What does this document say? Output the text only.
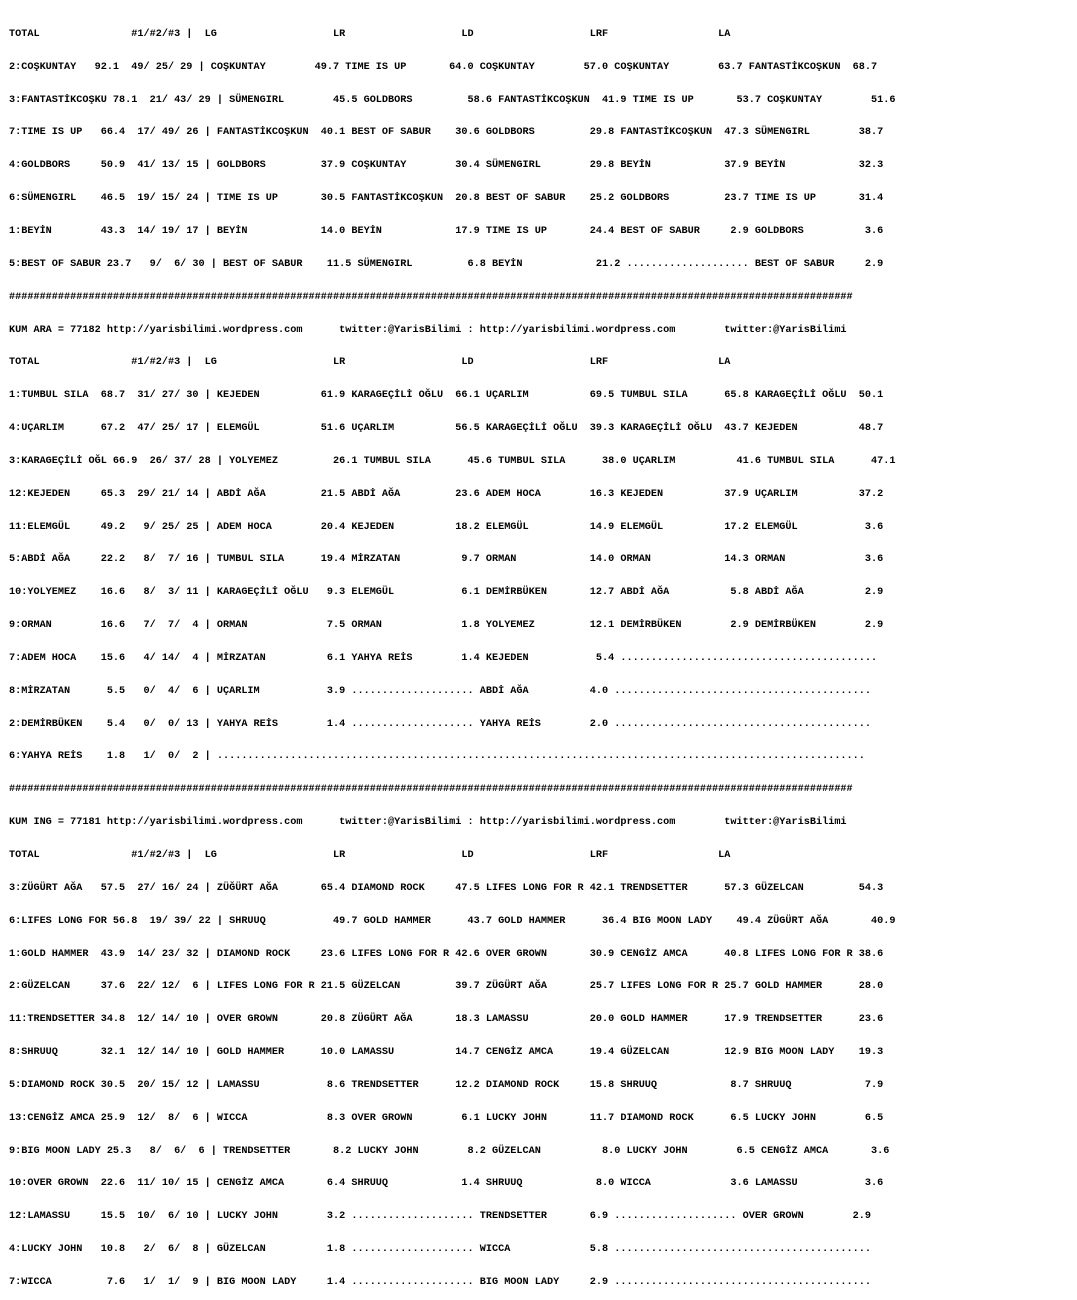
TOTAL               #1/#2/#3 |  LG                   LR                   LD                   LRF                  LA

2:COŞKUNTAY   92.1  49/ 25/ 29 | COŞKUNTAY        49.7 TIME IS UP       64.0 COŞKUNTAY        57.0 COŞKUNTAY        63.7 FANTASTİKCOŞKUN  68.7

3:FANTASTİKCOŞKU 78.1  21/ 43/ 29 | SÜMENGIRL        45.5 GOLDBORS         58.6 FANTASTİKCOŞKUN  41.9 TIME IS UP       53.7 COŞKUNTAY        51.6

7:TIME IS UP   66.4  17/ 49/ 26 | FANTASTİKCOŞKUN  40.1 BEST OF SABUR    30.6 GOLDBORS         29.8 FANTASTİKCOŞKUN  47.3 SÜMENGIRL        38.7

4:GOLDBORS     50.9  41/ 13/ 15 | GOLDBORS         37.9 COŞKUNTAY        30.4 SÜMENGIRL        29.8 BEYİN            37.9 BEYİN            32.3

6:SÜMENGIRL    46.5  19/ 15/ 24 | TIME IS UP       30.5 FANTASTİKCOŞKUN  20.8 BEST OF SABUR    25.2 GOLDBORS         23.7 TIME IS UP       31.4

1:BEYİN        43.3  14/ 19/ 17 | BEYİN            14.0 BEYİN            17.9 TIME IS UP       24.4 BEST OF SABUR     2.9 GOLDBORS          3.6

5:BEST OF SABUR 23.7   9/  6/ 30 | BEST OF SABUR    11.5 SÜMENGIRL         6.8 BEYİN            21.2 .................... BEST OF SABUR     2.9

##########################################################################################################################################

KUM ARA = 77182 http://yarisbilimi.wordpress.com      twitter:@YarisBilimi : http://yarisbilimi.wordpress.com        twitter:@YarisBilimi

TOTAL               #1/#2/#3 |  LG                   LR                   LD                   LRF                  LA

1:TUMBUL SILA  68.7  31/ 27/ 30 | KEJEDEN          61.9 KARAGEÇİLİ OĞLU  66.1 UÇARLIM          69.5 TUMBUL SILA      65.8 KARAGEÇİLİ OĞLU  50.1

4:UÇARLIM      67.2  47/ 25/ 17 | ELEMGÜL          51.6 UÇARLIM          56.5 KARAGEÇİLİ OĞLU  39.3 KARAGEÇİLİ OĞLU  43.7 KEJEDEN          48.7

3:KARAGEÇİLİ OĞL 66.9  26/ 37/ 28 | YOLYEMEZ         26.1 TUMBUL SILA      45.6 TUMBUL SILA      38.0 UÇARLIM          41.6 TUMBUL SILA      47.1

12:KEJEDEN     65.3  29/ 21/ 14 | ABDİ AĞA         21.5 ABDİ AĞA         23.6 ADEM HOCA        16.3 KEJEDEN          37.9 UÇARLIM          37.2

11:ELEMGÜL     49.2   9/ 25/ 25 | ADEM HOCA        20.4 KEJEDEN          18.2 ELEMGÜL          14.9 ELEMGÜL          17.2 ELEMGÜL           3.6

5:ABDİ AĞA     22.2   8/  7/ 16 | TUMBUL SILA      19.4 MİRZATAN          9.7 ORMAN            14.0 ORMAN            14.3 ORMAN             3.6

10:YOLYEMEZ    16.6   8/  3/ 11 | KARAGEÇİLİ OĞLU   9.3 ELEMGÜL           6.1 DEMİRBÜKEN       12.7 ABDİ AĞA          5.8 ABDİ AĞA          2.9

9:ORMAN        16.6   7/  7/  4 | ORMAN             7.5 ORMAN             1.8 YOLYEMEZ         12.1 DEMİRBÜKEN        2.9 DEMİRBÜKEN        2.9

7:ADEM HOCA    15.6   4/ 14/  4 | MİRZATAN          6.1 YAHYA REİS        1.4 KEJEDEN           5.4 ..........................................

8:MİRZATAN      5.5   0/  4/  6 | UÇARLIM           3.9 .................... ABDİ AĞA          4.0 ..........................................

2:DEMİRBÜKEN    5.4   0/  0/ 13 | YAHYA REİS        1.4 .................... YAHYA REİS        2.0 ..........................................

6:YAHYA REİS    1.8   1/  0/  2 | ..........................................................................................................

##########################################################################################################################################

KUM ING = 77181 http://yarisbilimi.wordpress.com      twitter:@YarisBilimi : http://yarisbilimi.wordpress.com        twitter:@YarisBilimi

TOTAL               #1/#2/#3 |  LG                   LR                   LD                   LRF                  LA

3:ZÜGÜRT AĞA   57.5  27/ 16/ 24 | ZÜĞÜRT AĞA       65.4 DIAMOND ROCK     47.5 LIFES LONG FOR R 42.1 TRENDSETTER      57.3 GÜZELCAN         54.3

6:LIFES LONG FOR 56.8  19/ 39/ 22 | SHRUUQ           49.7 GOLD HAMMER      43.7 GOLD HAMMER      36.4 BIG MOON LADY    49.4 ZÜGÜRT AĞA       40.9

1:GOLD HAMMER  43.9  14/ 23/ 32 | DIAMOND ROCK     23.6 LIFES LONG FOR R 42.6 OVER GROWN       30.9 CENGİZ AMCA      40.8 LIFES LONG FOR R 38.6

2:GÜZELCAN     37.6  22/ 12/  6 | LIFES LONG FOR R 21.5 GÜZELCAN         39.7 ZÜGÜRT AĞA       25.7 LIFES LONG FOR R 25.7 GOLD HAMMER      28.0

11:TRENDSETTER 34.8  12/ 14/ 10 | OVER GROWN       20.8 ZÜGÜRT AĞA       18.3 LAMASSU          20.0 GOLD HAMMER      17.9 TRENDSETTER      23.6

8:SHRUUQ       32.1  12/ 14/ 10 | GOLD HAMMER      10.0 LAMASSU          14.7 CENGİZ AMCA      19.4 GÜZELCAN         12.9 BIG MOON LADY    19.3

5:DIAMOND ROCK 30.5  20/ 15/ 12 | LAMASSU           8.6 TRENDSETTER      12.2 DIAMOND ROCK     15.8 SHRUUQ            8.7 SHRUUQ            7.9

13:CENGİZ AMCA 25.9  12/  8/  6 | WICCA             8.3 OVER GROWN        6.1 LUCKY JOHN       11.7 DIAMOND ROCK      6.5 LUCKY JOHN        6.5

9:BIG MOON LADY 25.3   8/  6/  6 | TRENDSETTER       8.2 LUCKY JOHN        8.2 GÜZELCAN          8.0 LUCKY JOHN        6.5 CENGİZ AMCA       3.6

10:OVER GROWN  22.6  11/ 10/ 15 | CENGİZ AMCA       6.4 SHRUUQ            1.4 SHRUUQ            8.0 WICCA             3.6 LAMASSU           3.6

12:LAMASSU     15.5  10/  6/ 10 | LUCKY JOHN        3.2 .................... TRENDSETTER       6.9 .................... OVER GROWN        2.9

4:LUCKY JOHN   10.8   2/  6/  8 | GÜZELCAN          1.8 .................... WICCA             5.8 ..........................................

7:WICCA         7.6   1/  1/  9 | BIG MOON LADY     1.4 .................... BIG MOON LADY     2.9 ..........................................
